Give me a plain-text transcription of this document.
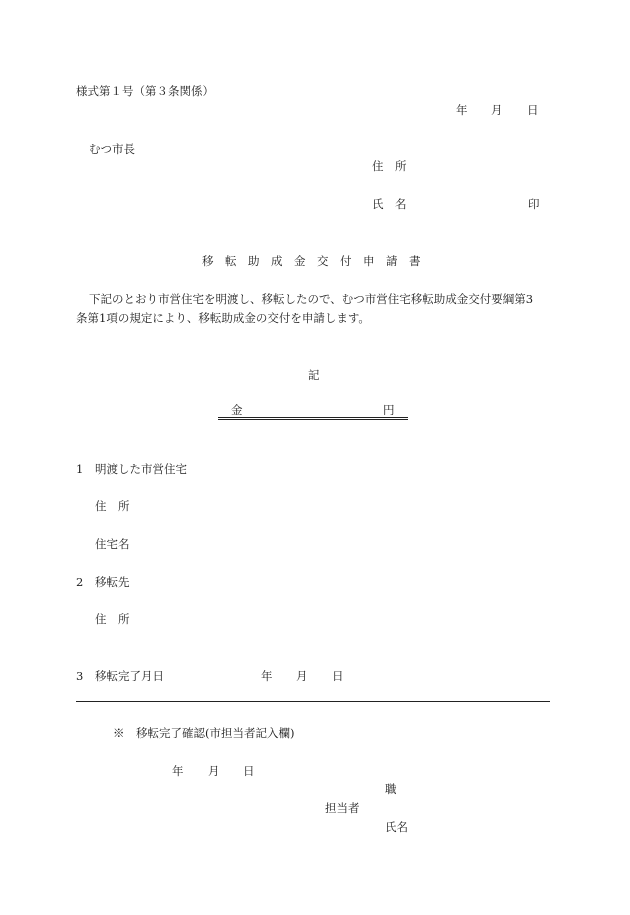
様式第１号（第３条関係）
年 月 日
むつ市長
住　所
氏　名	印
移　転　助　成　金　交　付　申　請　書
下記のとおり市営住宅を明渡し、移転したので、むつ市営住宅移転助成金交付要綱第3
条第1項の規定により、移転助成金の交付を申請します。
記
金	円
1 明渡した市営住宅
住　所
住宅名
2 移転先
住　所
3 移転完了月日	年 月 日
※　移転完了確認(市担当者記入欄)
年 月 日
職
担当者
氏名
